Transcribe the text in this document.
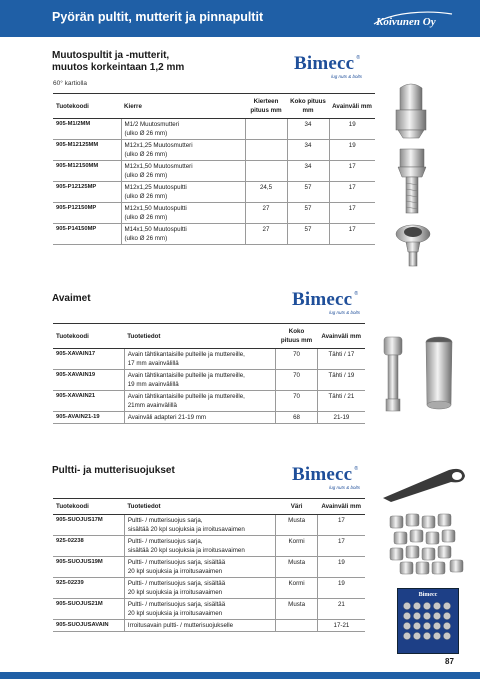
Pyörän pultit, mutterit ja pinnapultit	Koivunen Oy
Muutospultit ja -mutterit,
muutos korkeintaan 1,2 mm
60° kartiolla
Bimecc ®
lug nuts & bolts
Tuotekoodi	Kierre	Kierteen pituus mm	Koko pituus mm	Avainväli mm
905-M1/2MM	M1/2 Muutosmutteri
(ulko Ø 26 mm)		34	19
905-M12125MM	M12x1,25 Muutosmutteri
(ulko Ø 26 mm)		34	19
905-M12150MM	M12x1,50 Muutosmutteri
(ulko Ø 26 mm)		34	17
905-P12125MP	M12x1,25 Muutospultti
(ulko Ø 26 mm)	24,5	57	17
905-P12150MP	M12x1,50 Muutospultti
(ulko Ø 26 mm)	27	57	17
905-P14150MP	M14x1,50 Muutospultti
(ulko Ø 26 mm)	27	57	17
Avaimet	Bimecc ®
lug nuts & bolts
Tuotekoodi	Tuotetiedot	Koko pituus mm	Avainväli mm
905-XAVAIN17	Avain tähtikantaisille pulteille ja muttereille,
17 mm avainvälillä	70	Tähti / 17
905-XAVAIN19	Avain tähtikantaisille pulteille ja muttereille,
19 mm avainvälillä	70	Tähti / 19
905-XAVAIN21	Avain tähtikantaisille pulteille ja muttereille,
21mm avainvälillä	70	Tähti / 21
905-AVAIN21-19	Avainväli adapteri 21-19 mm	68	21-19
Pultti- ja mutterisuojukset	Bimecc ®
lug nuts & bolts
Tuotekoodi	Tuotetiedot	Väri	Avainväli mm
905-SUOJUS17M	Pultti- / mutterisuojus sarja,
sisältää 20 kpl suojuksia ja irroitusavaimen	Musta	17
925-02238	Pultti- / mutterisuojus sarja,
sisältää 20 kpl suojuksia ja irroitusavaimen	Kormi	17
905-SUOJUS19M	Pultti- / mutterisuojus sarja, sisältää
20 kpl suojuksia ja irroitusavaimen	Musta	19
925-02239	Pultti- / mutterisuojus sarja, sisältää
20 kpl suojuksia ja irroitusavaimen	Kormi	19
905-SUOJUS21M	Pultti- / mutterisuojus sarja, sisältää
20 kpl suojuksia ja irroitusavaimen	Musta	21
905-SUOJUSAVAIN	Irroitusavain pultti- / mutterisuojukselle		17-21
Bimecc
87
